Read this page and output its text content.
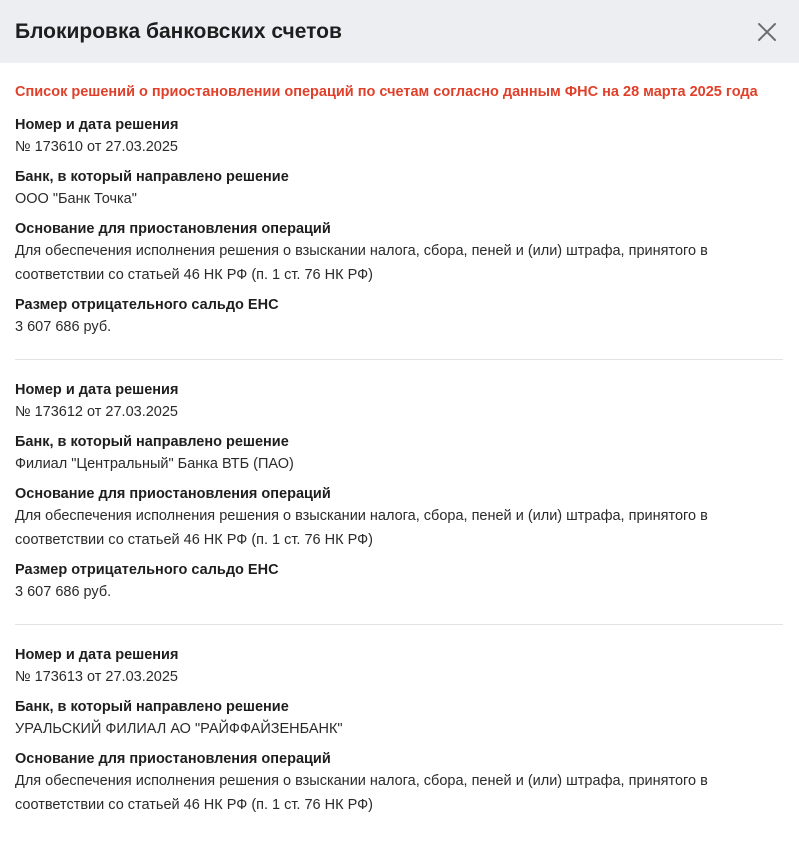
Блокировка банковских счетов
Список решений о приостановлении операций по счетам согласно данным ФНС на 28 марта 2025 года
Номер и дата решения
№ 173610 от 27.03.2025
Банк, в который направлено решение
ООО "Банк Точка"
Основание для приостановления операций
Для обеспечения исполнения решения о взыскании налога, сбора, пеней и (или) штрафа, принятого в соответствии со статьей 46 НК РФ (п. 1 ст. 76 НК РФ)
Размер отрицательного сальдо ЕНС
3 607 686 руб.
Номер и дата решения
№ 173612 от 27.03.2025
Банк, в который направлено решение
Филиал "Центральный" Банка ВТБ (ПАО)
Основание для приостановления операций
Для обеспечения исполнения решения о взыскании налога, сбора, пеней и (или) штрафа, принятого в соответствии со статьей 46 НК РФ (п. 1 ст. 76 НК РФ)
Размер отрицательного сальдо ЕНС
3 607 686 руб.
Номер и дата решения
№ 173613 от 27.03.2025
Банк, в который направлено решение
УРАЛЬСКИЙ ФИЛИАЛ АО "РАЙФФАЙЗЕНБАНК"
Основание для приостановления операций
Для обеспечения исполнения решения о взыскании налога, сбора, пеней и (или) штрафа, принятого в соответствии со статьей 46 НК РФ (п. 1 ст. 76 НК РФ)
